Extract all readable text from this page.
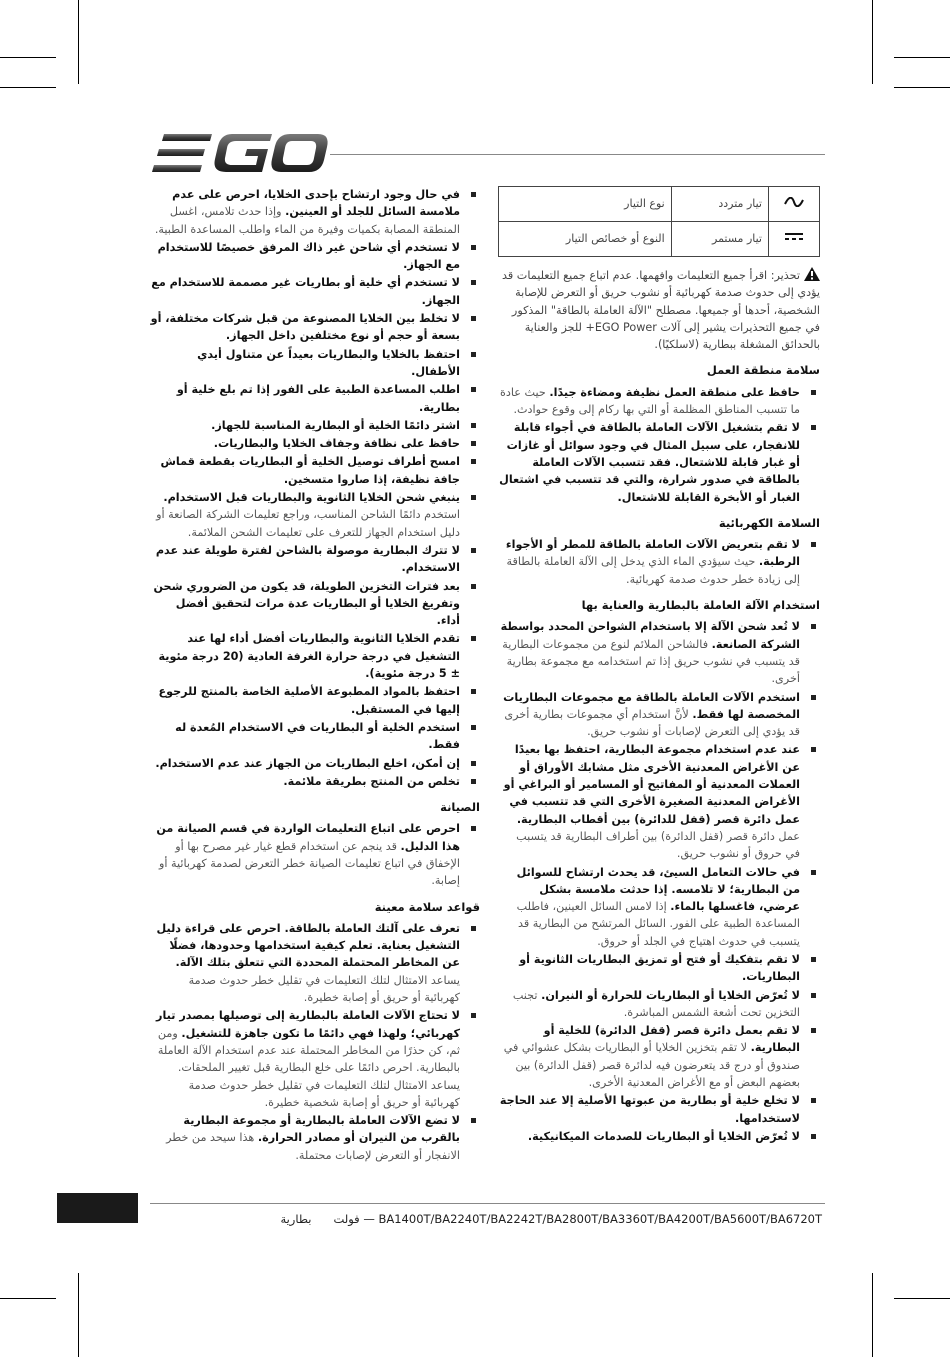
	تيار متردد	نوع التيار
	تيار مستمر	النوع أو خصائص التيار
تحذير: اقرأ جميع التعليمات وافهمها. عدم اتباع جميع التعليمات قد يؤدي إلى حدوث صدمة كهربائية أو نشوب حريق أو التعرض للإصابة الشخصية، أحدها أو جميعها. مصطلح "الآلة العاملة بالطاقة" المذكور في جميع التحذيرات يشير إلى آلات EGO Power+ للجز والعناية بالحدائق المشغلة ببطارية (لاسلكيًا).
سلامة منطقة العمل
حافظ على منطقة العمل نظيفة ومضاءة جيدًا. حيث عادة ما تتسبب المناطق المظلمة أو التي بها ركام إلى وقوع حوادث.
لا تقم بتشغيل الآلات العاملة بالطاقة في أجواء قابلة للانفجار، على سبيل المثال في وجود سوائل أو غازات أو غبار قابلة للاشتعال. فقد تتسبب الآلات العاملة بالطاقة في صدور شرارة، والتي قد تتسبب في اشتعال الغبار أو الأبخرة القابلة للاشتعال.
السلامة الكهربائية
لا تقم بتعريض الآلات العاملة بالطاقة للمطر أو الأجواء الرطبة. حيث سيؤدي الماء الذي يدخل إلى الآلة العاملة بالطاقة إلى زيادة خطر حدوث صدمة كهربائية.
استخدام الآلة العاملة بالبطارية والعناية بها
لا تُعد شحن الآلة إلا باستخدام الشواحن المحدد بواسطة الشركة الصانعة. فالشاحن الملائم لنوع من مجموعات البطارية قد يتسبب في نشوب حريق إذا تم استخدامه مع مجموعة بطارية أخرى.
استخدم الآلات العاملة بالطاقة مع مجموعات البطاريات المخصصة لها فقط. لأنَّ استخدام أي مجموعات بطارية أخرى قد يؤدي إلى التعرض لإصابات أو نشوب حريق.
عند عدم استخدام مجموعة البطارية، احتفظ بها بعيدًا عن الأغراض المعدنية الأخرى مثل مشابك الأوراق أو العملات المعدنية أو المفاتيح أو المسامير أو البراغي أو الأغراض المعدنية الصغيرة الأخرى التي قد تتسبب في عمل دائرة قصر (قفل للدائرة) بين أقطاب البطارية. عمل دائرة قصر (قفل الدائرة) بين أطراف البطارية قد يتسبب في حروق أو نشوب حريق.
في حالات التعامل السيئ، قد يحدث ارتشاح للسوائل من البطارية؛ لا تلامسه. إذا حدثت ملامسة بشكل عرضي، فاغسلها بالماء. إذا لامس السائل العينين، فاطلب المساعدة الطبية على الفور. السائل المرتشح من البطارية قد يتسبب في حدوث اهتياج في الجلد أو حروق.
لا تقم بتفكيك أو فتح أو تمزيق البطاريات الثانوية أو البطاريات.
لا تُعرّض الخلايا أو البطاريات للحرارة أو النيران. تجنب التخزين تحت أشعة الشمس المباشرة.
لا تقم بعمل دائرة قصر (قفل الدائرة) للخلية أو البطارية. لا تقم بتخزين الخلايا أو البطاريات بشكل عشوائي في صندوق أو درج قد يتعرضون فيه لدائرة قصر (قفل الدائرة) بين بعضهم البعض أو مع الأغراض المعدنية الأخرى.
لا تخلع خلية أو بطارية من عبوتها الأصلية إلا عند الحاجة لاستخدامها.
لا تُعرّض الخلايا أو البطاريات للصدمات الميكانيكية.
في حال وجود ارتشاح بإحدى الخلايا، احرص على عدم ملامسة السائل للجلد أو العينين. وإذا حدث تلامس، اغسل المنطقة المصابة بكميات وفيرة من الماء واطلب المساعدة الطبية.
لا تستخدم أي شاحن غير ذاك المرفق خصيصًا للاستخدام مع الجهاز.
لا تستخدم أي خلية أو بطاريات غير مصممة للاستخدام مع الجهاز.
لا تخلط بين الخلايا المصنوعة من قبل شركات مختلفة، أو بسعة أو حجم أو نوع مختلفين داخل الجهاز.
احتفظ بالخلايا والبطاريات بعيداً عن متناول أيدي الأطفال.
اطلب المساعدة الطبية على الفور إذا تم بلع خلية أو بطارية.
اشتر دائمًا الخلية أو البطارية المناسبة للجهاز.
حافظ على نظافة وجفاف الخلايا والبطاريات.
امسح أطراف توصيل الخلية أو البطاريات بقطعة قماش جافة نظيفة، إذا صاروا متسخين.
ينبغي شحن الخلايا الثانوية والبطاريات قبل الاستخدام. استخدم دائمًا الشاحن المناسب، وراجع تعليمات الشركة الصانعة أو دليل استخدام الجهاز للتعرف على تعليمات الشحن الملائمة.
لا تترك البطارية موصولة بالشاحن لفترة طويلة عند عدم الاستخدام.
بعد فترات التخزين الطويلة، قد يكون من الضروري شحن وتفريغ الخلايا أو البطاريات عدة مرات لتحقيق أفضل أداء.
تقدم الخلايا الثانوية والبطاريات أفضل أداء لها عند التشغيل في درجة حرارة الغرفة العادية (20 درجة مئوية ± 5 درجة مئوية).
احتفظ بالمواد المطبوعة الأصلية الخاصة بالمنتج للرجوع إليها في المستقبل.
استخدم الخلية أو البطاريات في الاستخدام المُعدة له فقط.
إن أمكن، اخلع البطاريات من الجهاز عند عدم الاستخدام.
تخلص من المنتج بطريقة ملائمة.
الصيانة
احرص على اتباع التعليمات الواردة في قسم الصيانة من هذا الدليل. قد ينجم عن استخدام قطع غيار غير مصرح بها أو الإخفاق في اتباع تعليمات الصيانة خطر التعرض لصدمة كهربائية أو إصابة.
قواعد سلامة معينة
تعرف على آلتك العاملة بالطاقة. احرص على قراءة دليل التشغيل بعناية. تعلم كيفية استخدامها وحدودها، فضلًا عن المخاطر المحتملة المحددة التي تتعلق بتلك الآلة. يساعد الامتثال لتلك التعليمات في تقليل خطر حدوث صدمة كهربائية أو حريق أو إصابة خطيرة.
لا تحتاج الآلات العاملة بالبطارية إلى توصيلها بمصدر تيار كهربائي؛ ولهذا فهي دائمًا ما تكون جاهزة للتشغيل. ومن ثم، كن حذرًا من المخاطر المحتملة عند عدم استخدام الآلة العاملة بالبطارية. احرص دائمًا على خلع البطارية قبل تغيير الملحقات. يساعد الامتثال لتلك التعليمات في تقليل خطر حدوث صدمة كهربائية أو حريق أو إصابة شخصية خطيرة.
لا تضع الآلات العاملة بالبطارية أو مجموعة البطارية بالقرب من النيران أو مصادر الحرارة. هذا سيحد من خطر الانفجار أو التعرض لإصابات محتملة.
فولت      بطارية — BA1400T/BA2240T/BA2242T/BA2800T/BA3360T/BA4200T/BA5600T/BA6720T
